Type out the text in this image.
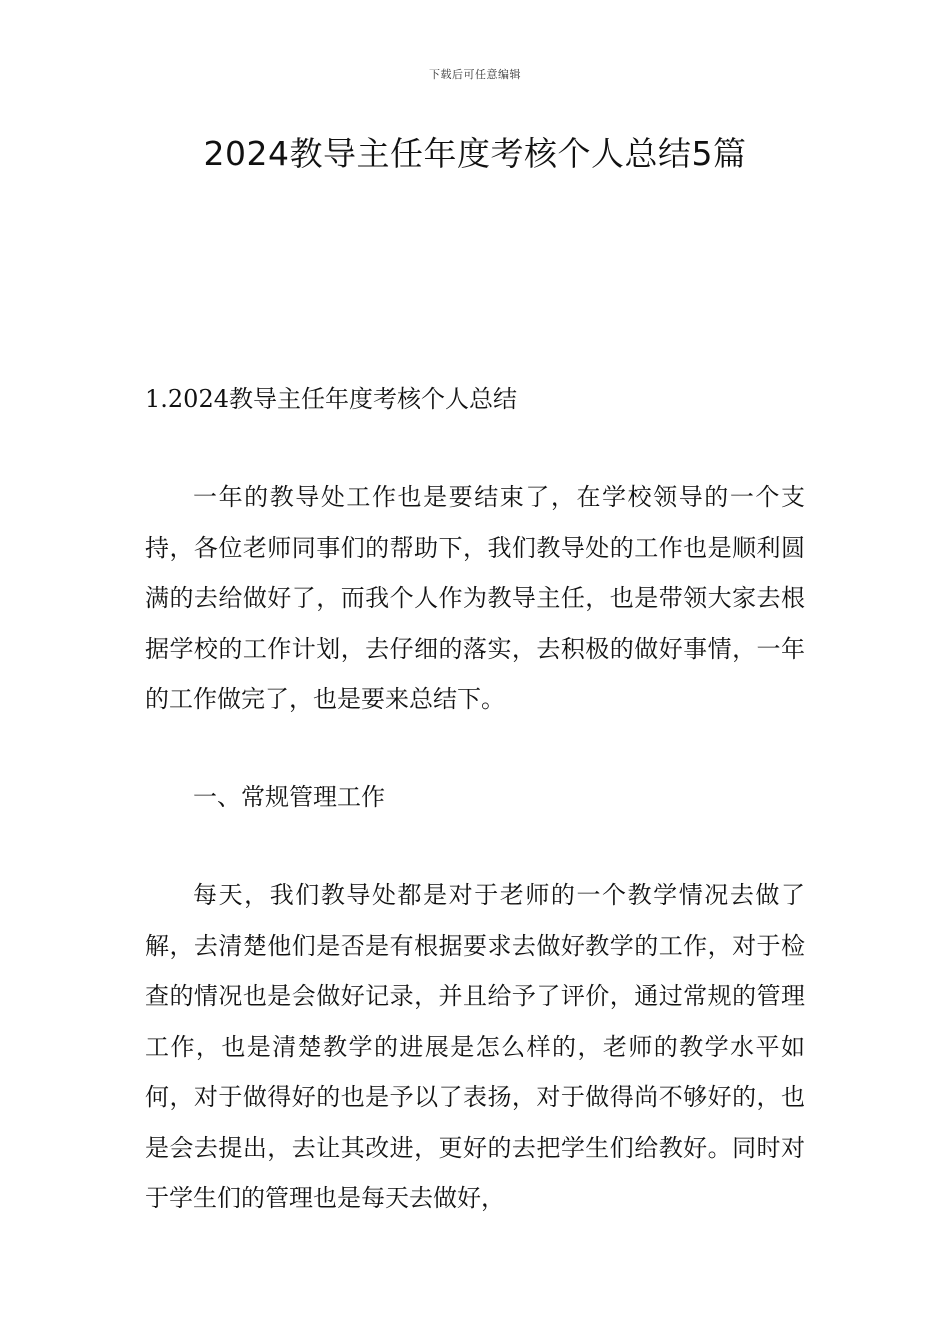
下载后可任意编辑
2024教导主任年度考核个人总结5篇
1.2024教导主任年度考核个人总结

一年的教导处工作也是要结束了，在学校领导的一个支持，各位老师同事们的帮助下，我们教导处的工作也是顺利圆满的去给做好了，而我个人作为教导主任，也是带领大家去根据学校的工作计划，去仔细的落实，去积极的做好事情，一年的工作做完了，也是要来总结下。

一、常规管理工作

每天，我们教导处都是对于老师的一个教学情况去做了解，去清楚他们是否是有根据要求去做好教学的工作，对于检查的情况也是会做好记录，并且给予了评价，通过常规的管理工作，也是清楚教学的进展是怎么样的，老师的教学水平如何，对于做得好的也是予以了表扬，对于做得尚不够好的，也是会去提出，去让其改进，更好的去把学生们给教好。同时对于学生们的管理也是每天去做好，
